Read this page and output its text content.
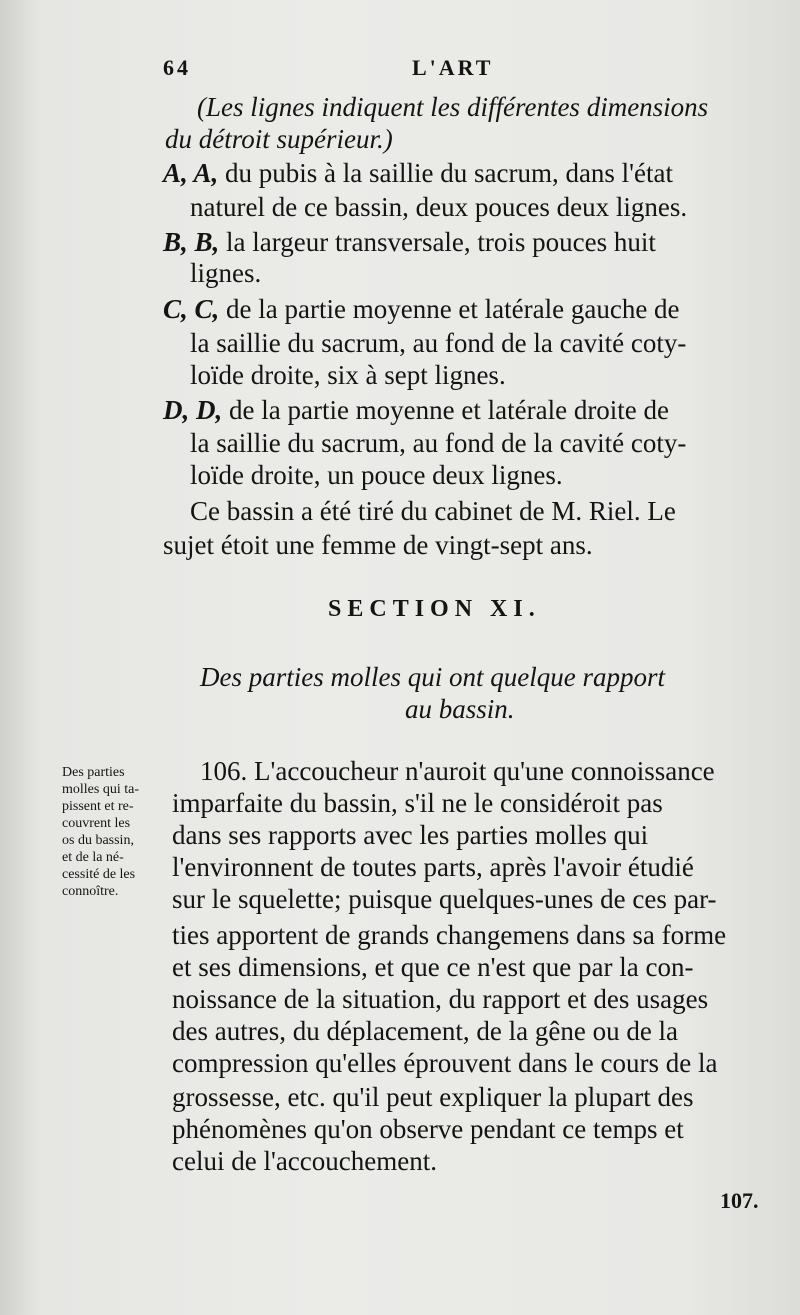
64	L'ART
(Les lignes indiquent les différentes dimensions
du détroit supérieur.)
A, A, du pubis à la saillie du sacrum, dans l'état
naturel de ce bassin, deux pouces deux lignes.
B, B, la largeur transversale, trois pouces huit
lignes.
C, C, de la partie moyenne et latérale gauche de
la saillie du sacrum, au fond de la cavité coty-
loïde droite, six à sept lignes.
D, D, de la partie moyenne et latérale droite de
la saillie du sacrum, au fond de la cavité coty-
loïde droite, un pouce deux lignes.
Ce bassin a été tiré du cabinet de M. Riel. Le
sujet étoit une femme de vingt-sept ans.
SECTION XI.
Des parties molles qui ont quelque rapport
au bassin.
Des parties
molles qui ta-
pissent et re-
couvrent les
os du bassin,
et de la né-
cessité de les
connoître.
106. L'accoucheur n'auroit qu'une connoissance
imparfaite du bassin, s'il ne le considéroit pas
dans ses rapports avec les parties molles qui
l'environnent de toutes parts, après l'avoir étudié
sur le squelette; puisque quelques-unes de ces par-
ties apportent de grands changemens dans sa forme
et ses dimensions, et que ce n'est que par la con-
noissance de la situation, du rapport et des usages
des autres, du déplacement, de la gêne ou de la
compression qu'elles éprouvent dans le cours de la
grossesse, etc. qu'il peut expliquer la plupart des
phénomènes qu'on observe pendant ce temps et
celui de l'accouchement.
107.
